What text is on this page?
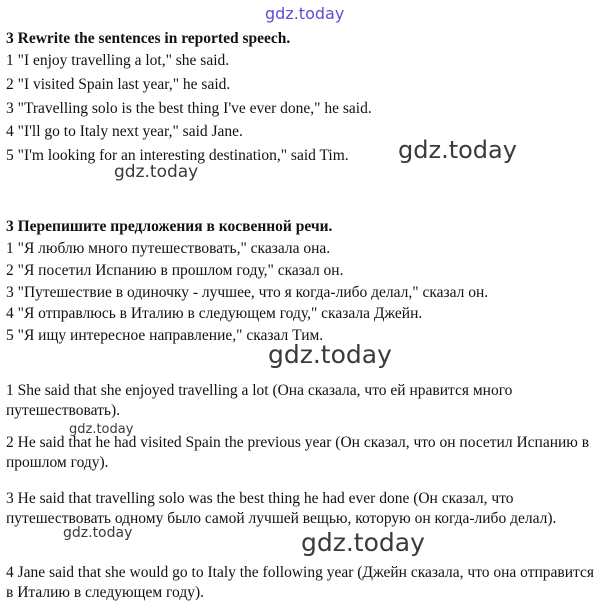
gdz.today
gdz.today
gdz.today
gdz.today
gdz.today
gdz.today	gdz.today
3 Rewrite the sentences in reported speech.
1 "I enjoy travelling a lot," she said.
2 "I visited Spain last year," he said.
3 "Travelling solo is the best thing I've ever done," he said.
4 "I'll go to Italy next year," said Jane.
5 "I'm looking for an interesting destination," said Tim.
3 Перепишите предложения в косвенной речи.
1 "Я люблю много путешествовать," сказала она.
2 "Я посетил Испанию в прошлом году," сказал он.
3 "Путешествие в одиночку - лучшее, что я когда-либо делал," сказал он.
4 "Я отправлюсь в Италию в следующем году," сказала Джейн.
5 "Я ищу интересное направление," сказал Тим.
1 She said that she enjoyed travelling a lot (Она сказала, что ей нравится много путешествовать).
2 He said that he had visited Spain the previous year (Он сказал, что он посетил Испанию в прошлом году).
3 He said that travelling solo was the best thing he had ever done (Он сказал, что путешествовать одному было самой лучшей вещью, которую он когда-либо делал).
4 Jane said that she would go to Italy the following year (Джейн сказала, что она отправится в Италию в следующем году).
